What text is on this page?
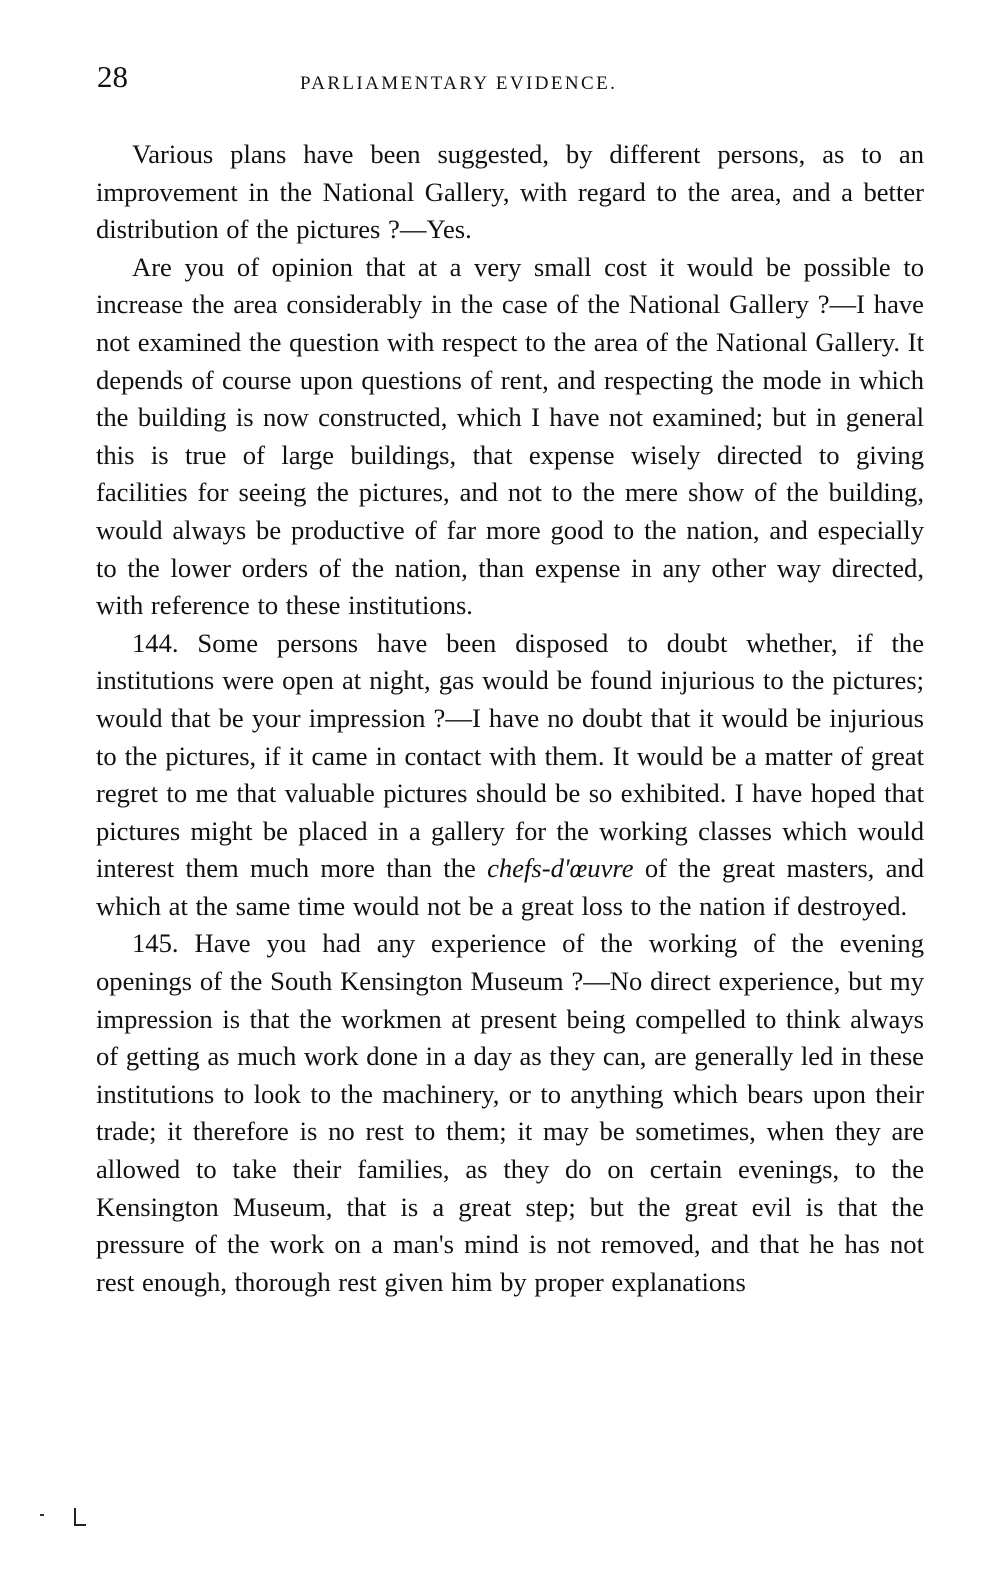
28	PARLIAMENTARY EVIDENCE.

Various plans have been suggested, by different persons, as to an improvement in the National Gallery, with regard to the area, and a better distribution of the pictures ?—Yes.

Are you of opinion that at a very small cost it would be possible to increase the area considerably in the case of the National Gallery ?—I have not examined the question with respect to the area of the National Gallery. It depends of course upon questions of rent, and respecting the mode in which the building is now constructed, which I have not examined; but in general this is true of large buildings, that expense wisely directed to giving facilities for seeing the pictures, and not to the mere show of the building, would always be productive of far more good to the nation, and especially to the lower orders of the nation, than expense in any other way directed, with reference to these institutions.

144. Some persons have been disposed to doubt whether, if the institutions were open at night, gas would be found injurious to the pictures; would that be your impression ?—I have no doubt that it would be injurious to the pictures, if it came in contact with them. It would be a matter of great regret to me that valuable pictures should be so exhibited. I have hoped that pictures might be placed in a gallery for the working classes which would interest them much more than the chefs-d'œuvre of the great masters, and which at the same time would not be a great loss to the nation if destroyed.

145. Have you had any experience of the working of the evening openings of the South Kensington Museum ?—No direct experience, but my impression is that the workmen at present being compelled to think always of getting as much work done in a day as they can, are generally led in these institutions to look to the machinery, or to anything which bears upon their trade; it therefore is no rest to them; it may be sometimes, when they are allowed to take their families, as they do on certain evenings, to the Kensington Museum, that is a great step; but the great evil is that the pressure of the work on a man's mind is not removed, and that he has not rest enough, thorough rest given him by proper explanations
